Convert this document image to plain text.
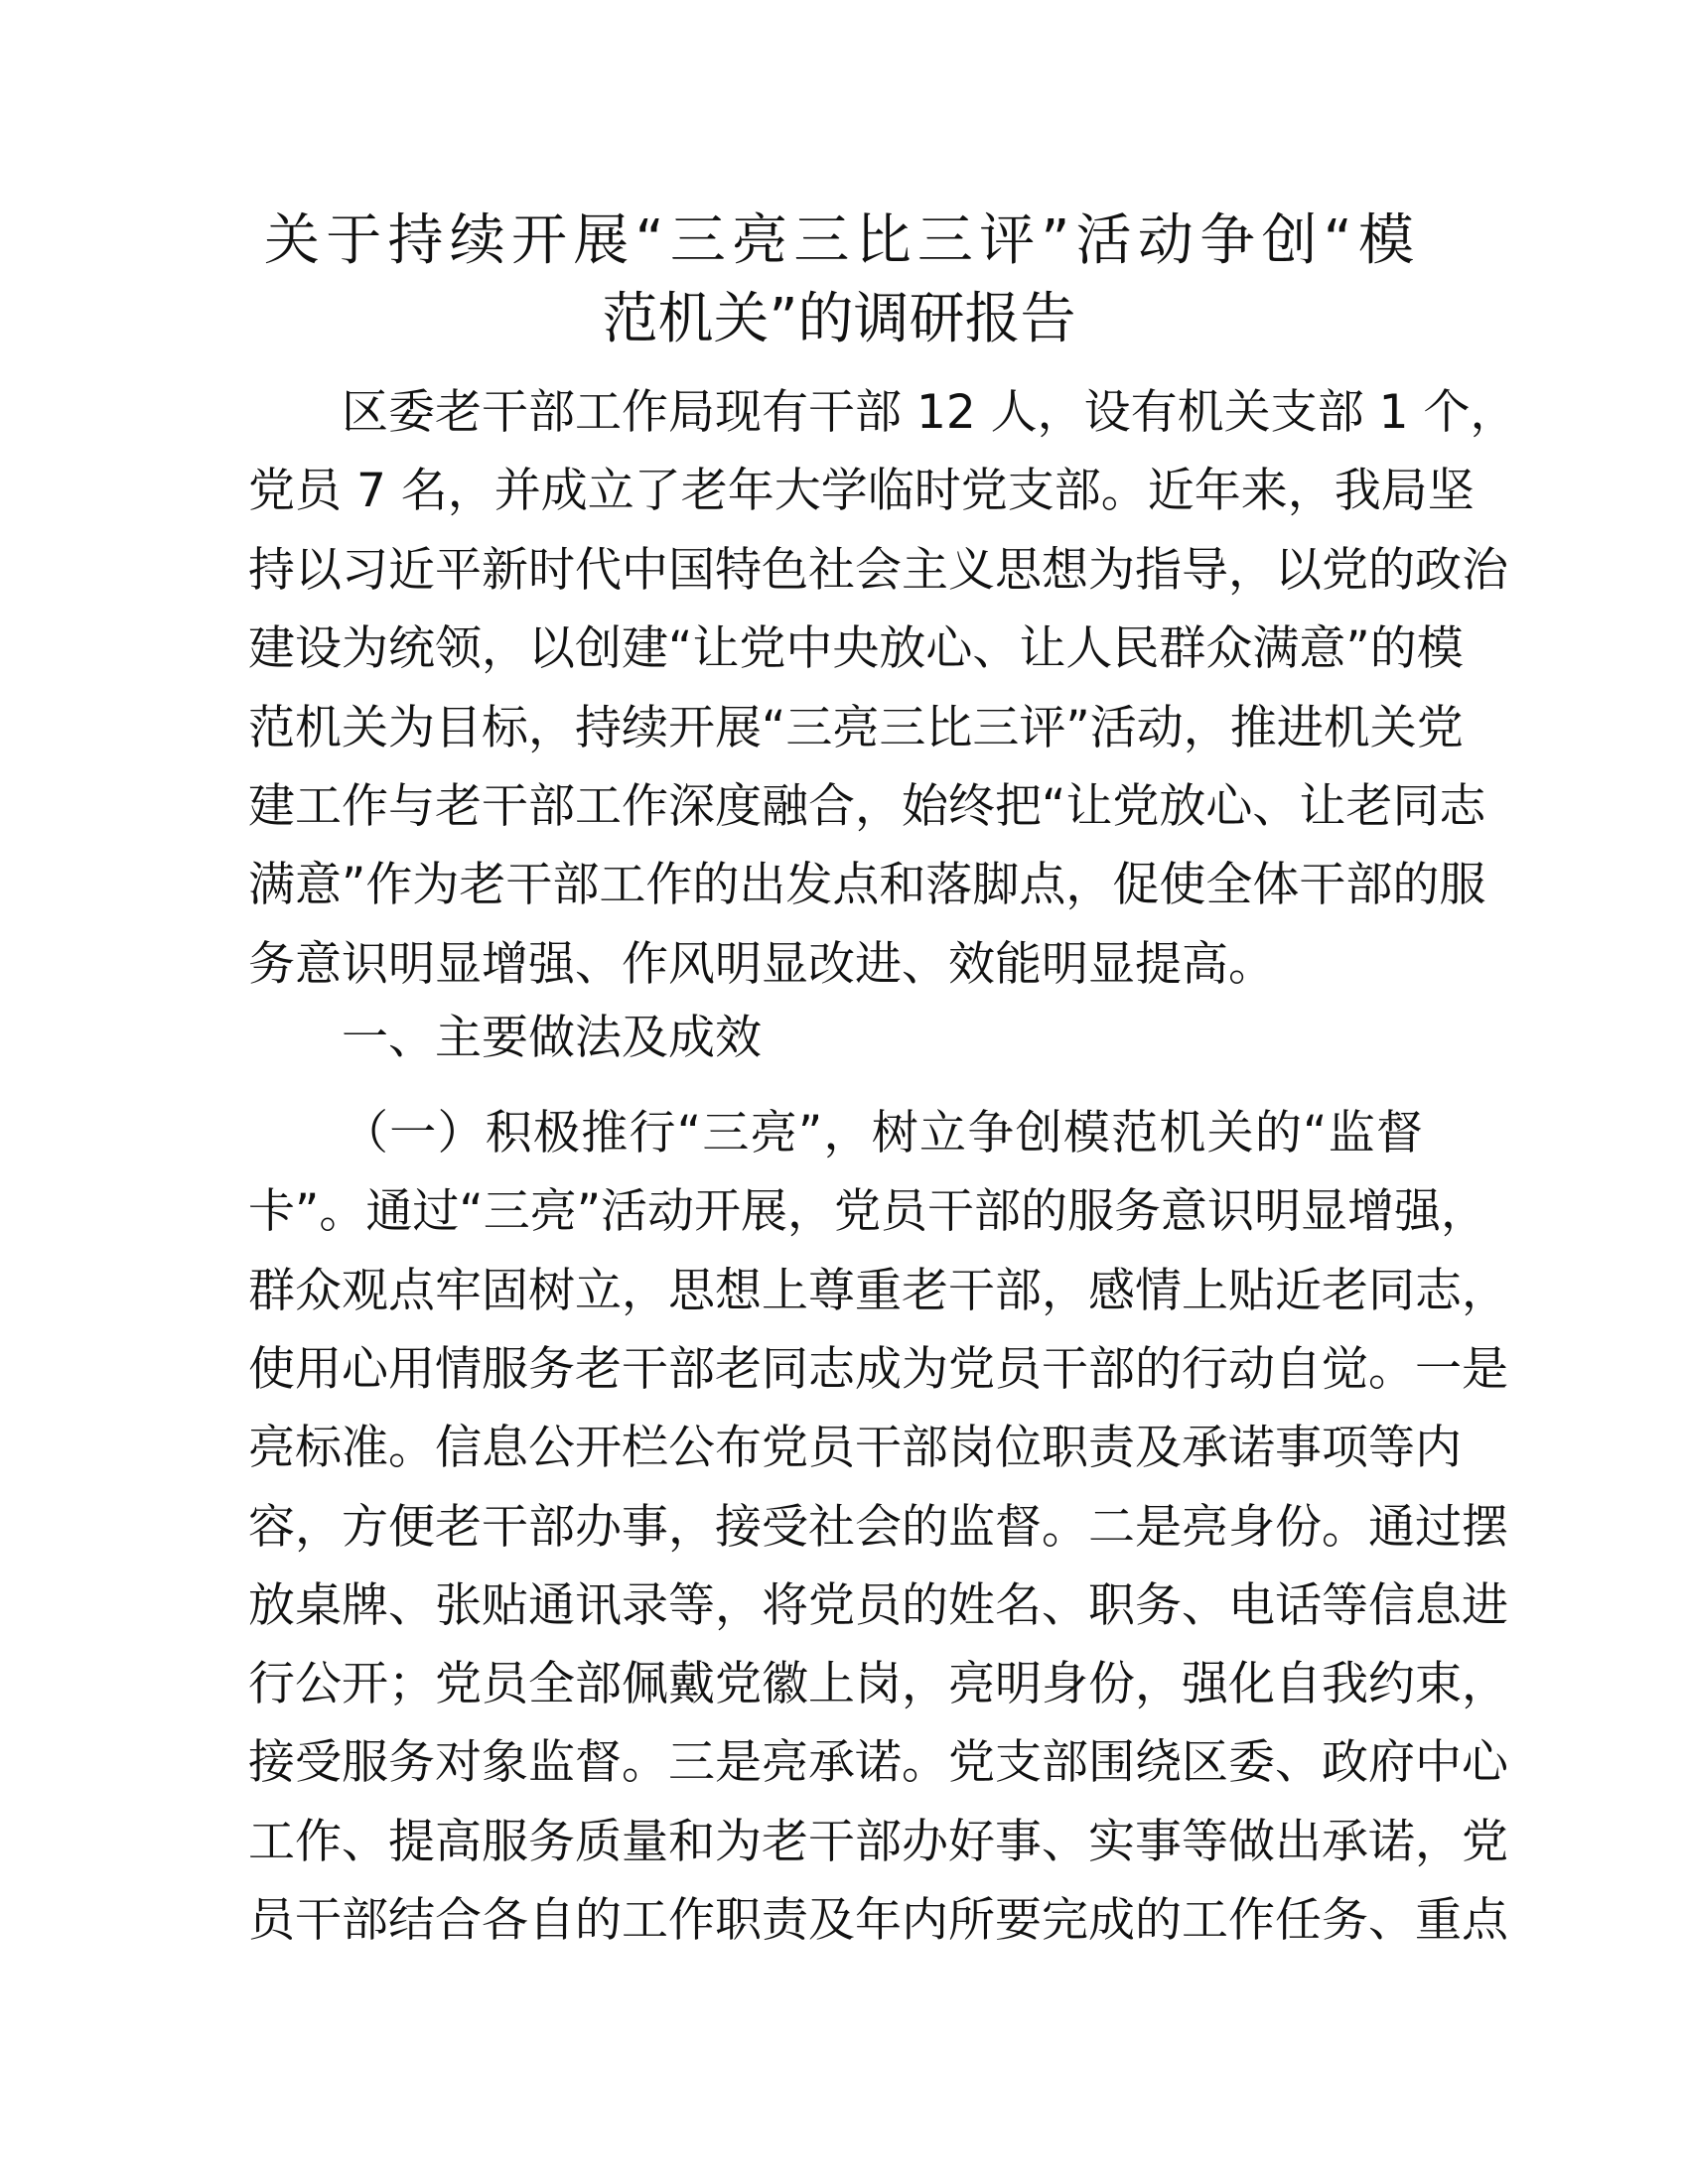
关于持续开展“三亮三比三评”活动争创“模
范机关”的调研报告
区委老干部工作局现有干部 12 人，设有机关支部 1 个，
党员 7 名，并成立了老年大学临时党支部。近年来，我局坚
持以习近平新时代中国特色社会主义思想为指导，以党的政治
建设为统领，以创建“让党中央放心、让人民群众满意”的模
范机关为目标，持续开展“三亮三比三评”活动，推进机关党
建工作与老干部工作深度融合，始终把“让党放心、让老同志
满意”作为老干部工作的出发点和落脚点，促使全体干部的服
务意识明显增强、作风明显改进、效能明显提高。
一、主要做法及成效
（一）积极推行“三亮”，树立争创模范机关的“监督
卡”。通过“三亮”活动开展，党员干部的服务意识明显增强，
群众观点牢固树立，思想上尊重老干部，感情上贴近老同志，
使用心用情服务老干部老同志成为党员干部的行动自觉。一是
亮标准。信息公开栏公布党员干部岗位职责及承诺事项等内
容，方便老干部办事，接受社会的监督。二是亮身份。通过摆
放桌牌、张贴通讯录等，将党员的姓名、职务、电话等信息进
行公开；党员全部佩戴党徽上岗，亮明身份，强化自我约束，
接受服务对象监督。三是亮承诺。党支部围绕区委、政府中心
工作、提高服务质量和为老干部办好事、实事等做出承诺，党
员干部结合各自的工作职责及年内所要完成的工作任务、重点
